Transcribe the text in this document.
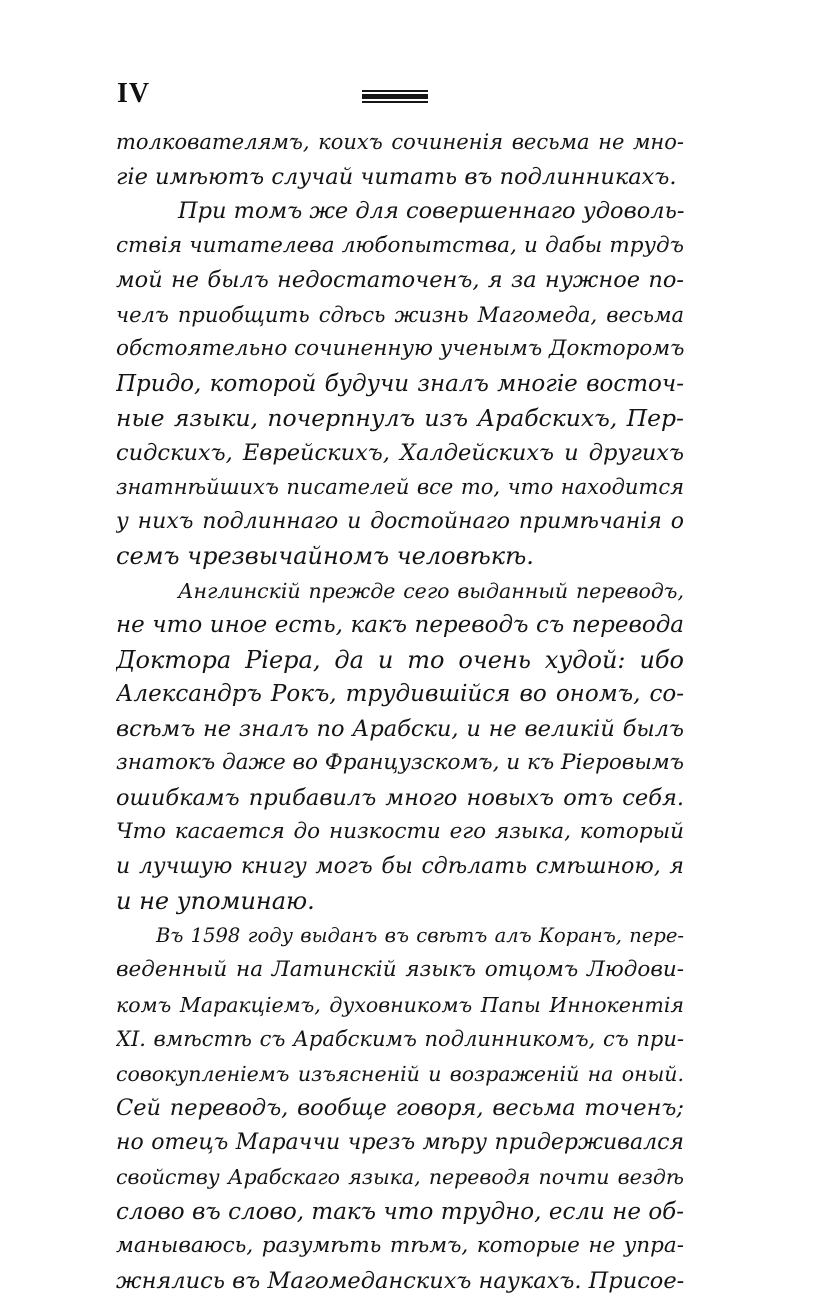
IV
толкователямъ, коихъ сочиненія весьма не мно-
гіе имѣютъ случай читать въ подлинникахъ.
При томъ же для совершеннаго удоволь-
ствія читателева любопытства, и дабы трудъ
мой не былъ недостаточенъ, я за нужное по-
челъ приобщить сдѣсь жизнь Магомеда, весьма
обстоятельно сочиненную ученымъ Докторомъ
Придо, которой будучи зналъ многіе восточ-
ные языки, почерпнулъ изъ Арабскихъ, Пер-
сидскихъ, Еврейскихъ, Халдейскихъ и другихъ
знатнѣйшихъ писателей все то, что находится
у нихъ подлиннаго и достойнаго примѣчанія о
семъ чрезвычайномъ человѣкѣ.
Англинскій прежде сего выданный переводъ,
не что иное есть, какъ переводъ съ перевода
Доктора Ріера, да и то очень худой: ибо
Александръ Рокъ, трудившійся во ономъ, со-
всѣмъ не зналъ по Арабски, и не великій былъ
знатокъ даже во Французскомъ, и къ Ріеровымъ
ошибкамъ прибавилъ много новыхъ отъ себя.
Что касается до низкости его языка, который
и лучшую книгу могъ бы сдѣлать смѣшною, я
и не упоминаю.
Въ 1598 году выданъ въ свѣтъ алъ Коранъ, пере-
веденный на Латинскій языкъ отцомъ Людови-
комъ Маракціемъ, духовникомъ Папы Иннокентія
XI. вмѣстѣ съ Арабскимъ подлинникомъ, съ при-
совокупленіемъ изъясненій и возраженій на оный.
Сей переводъ, вообще говоря, весьма точенъ;
но отецъ Мараччи чрезъ мѣру придерживался
свойству Арабскаго языка, переводя почти вездѣ
слово въ слово, такъ что трудно, если не об-
манываюсь, разумѣть тѣмъ, которые не упра-
жнялись въ Магомеданскихъ наукахъ. Присое-
